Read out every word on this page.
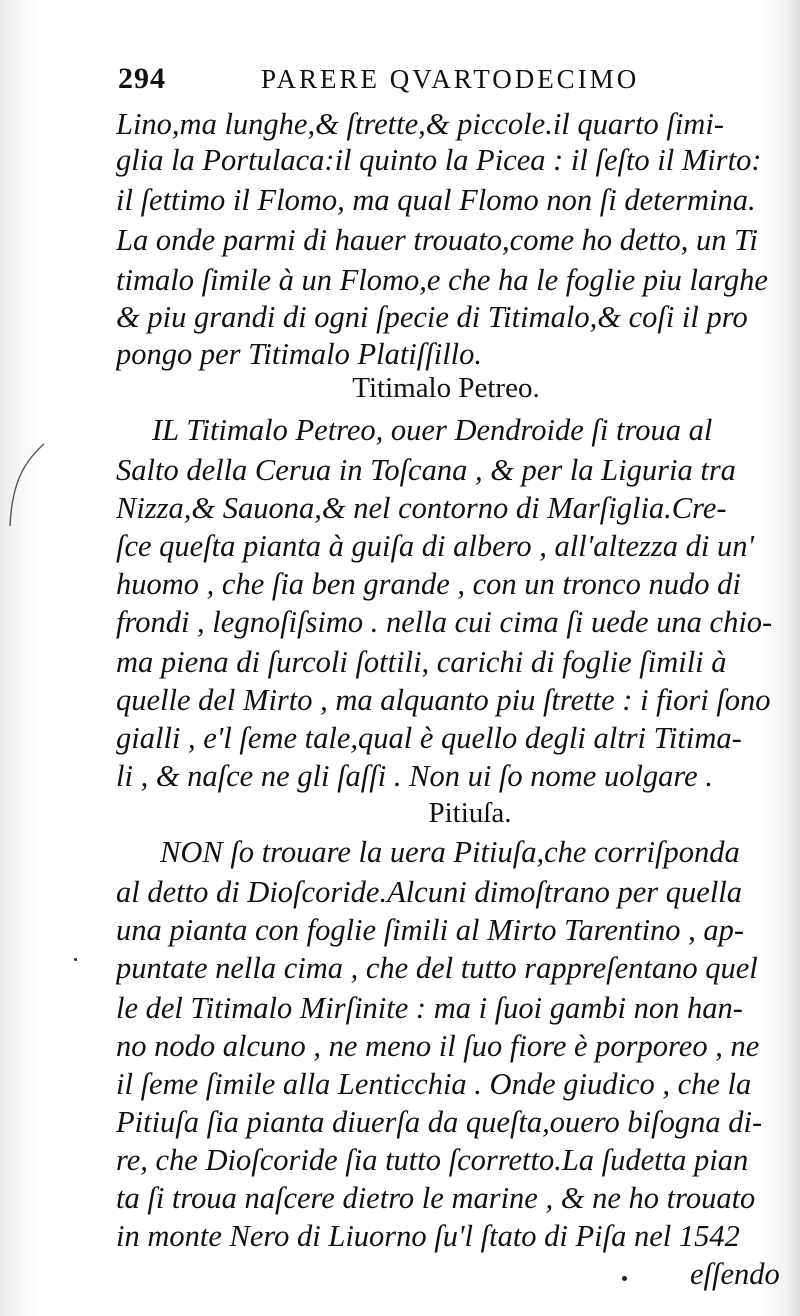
294	PARERE QVARTODECIMO
Lino,ma lunghe,& ſtrette,& piccole.il quarto ſimi-
glia la Portulaca:il quinto la Picea : il ſeſto il Mirto:
il ſettimo il Flomo, ma qual Flomo non ſi determina.
La onde parmi di hauer trouato,come ho detto, un Ti
timalo ſimile à un Flomo,e che ha le foglie piu larghe
& piu grandi di ogni ſpecie di Titimalo,& coſi il pro
pongo per Titimalo Platiſſillo.
Titimalo Petreo.
IL Titimalo Petreo, ouer Dendroide ſi troua al
Salto della Cerua in Toſcana , & per la Liguria tra
Nizza,& Sauona,& nel contorno di Marſiglia.Cre-
ſce queſta pianta à guiſa di albero , all'altezza di un'
huomo , che ſia ben grande , con un tronco nudo di
frondi , legnoſiſsimo . nella cui cima ſi uede una chio-
ma piena di ſurcoli ſottili, carichi di foglie ſimili à
quelle del Mirto , ma alquanto piu ſtrette : i fiori ſono
gialli , e'l ſeme tale,qual è quello degli altri Titima-
li , & naſce ne gli ſaſſi . Non ui ſo nome uolgare .
Pitiuſa.
NON ſo trouare la uera Pitiuſa,che corriſponda
al detto di Dioſcoride.Alcuni dimoſtrano per quella
una pianta con foglie ſimili al Mirto Tarentino , ap-
puntate nella cima , che del tutto rappreſentano quel
le del Titimalo Mirſinite : ma i ſuoi gambi non han-
no nodo alcuno , ne meno il ſuo fiore è porporeo , ne
il ſeme ſimile alla Lenticchia . Onde giudico , che la
Pitiuſa ſia pianta diuerſa da queſta,ouero biſogna di-
re, che Dioſcoride ſia tutto ſcorretto.La ſudetta pian
ta ſi troua naſcere dietro le marine , & ne ho trouato
in monte Nero di Liuorno ſu'l ſtato di Piſa nel 1542
eſſendo
